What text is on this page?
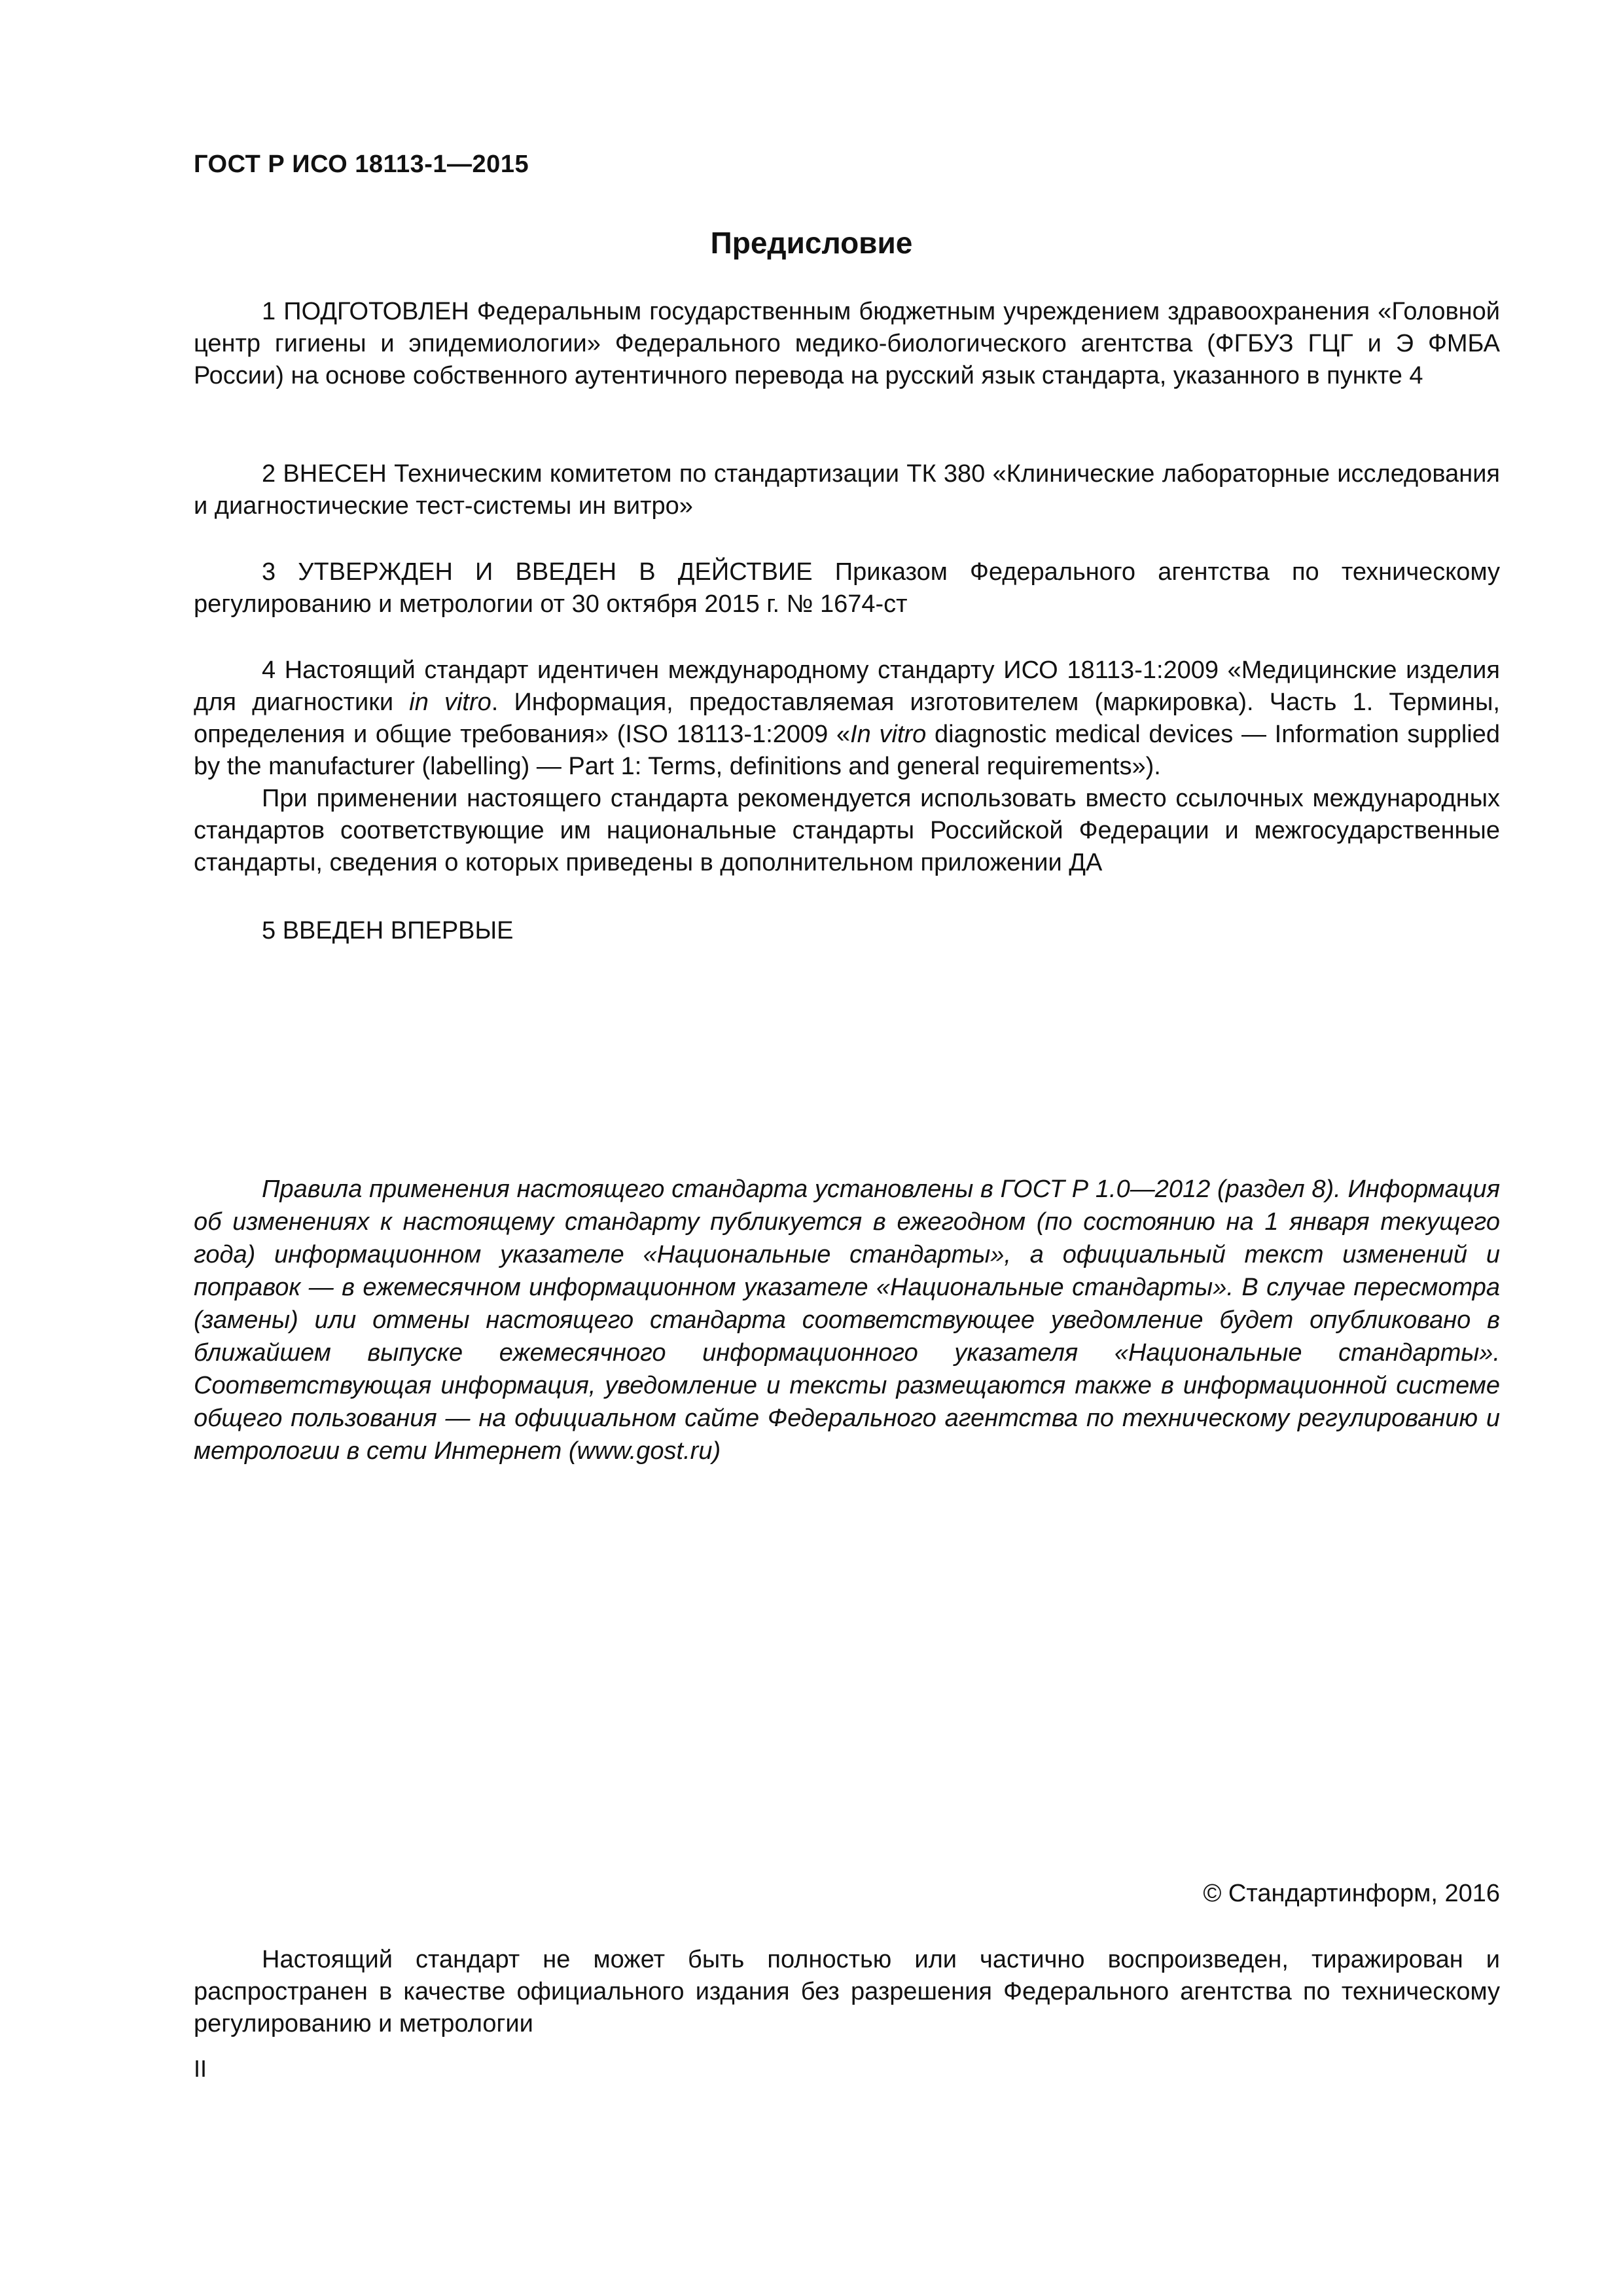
ГОСТ Р ИСО 18113-1—2015
Предисловие

1 ПОДГОТОВЛЕН Федеральным государственным бюджетным учреждением здравоохранения «Головной центр гигиены и эпидемиологии» Федерального медико-биологического агентства (ФГБУЗ ГЦГ и Э ФМБА России) на основе собственного аутентичного перевода на русский язык стандарта, указанного в пункте 4

2 ВНЕСЕН Техническим комитетом по стандартизации ТК 380 «Клинические лабораторные исследования и диагностические тест-системы ин витро»

3 УТВЕРЖДЕН И ВВЕДЕН В ДЕЙСТВИЕ Приказом Федерального агентства по техническому регулированию и метрологии от 30 октября 2015 г. № 1674-ст

4 Настоящий стандарт идентичен международному стандарту ИСО 18113-1:2009 «Медицинские изделия для диагностики in vitro. Информация, предоставляемая изготовителем (маркировка). Часть 1. Термины, определения и общие требования» (ISO 18113-1:2009 «In vitro diagnostic medical devices — Information supplied by the manufacturer (labelling) — Part 1: Terms, definitions and general requirements»).

При применении настоящего стандарта рекомендуется использовать вместо ссылочных международных стандартов соответствующие им национальные стандарты Российской Федерации и межгосударственные стандарты, сведения о которых приведены в дополнительном приложении ДА

5 ВВЕДЕН ВПЕРВЫЕ

Правила применения настоящего стандарта установлены в ГОСТ Р 1.0—2012 (раздел 8). Информация об изменениях к настоящему стандарту публикуется в ежегодном (по состоянию на 1 января текущего года) информационном указателе «Национальные стандарты», а официальный текст изменений и поправок — в ежемесячном информационном указателе «Национальные стандарты». В случае пересмотра (замены) или отмены настоящего стандарта соответствующее уведомление будет опубликовано в ближайшем выпуске ежемесячного информационного указателя «Национальные стандарты». Соответствующая информация, уведомление и тексты размещаются также в информационной системе общего пользования — на официальном сайте Федерального агентства по техническому регулированию и метрологии в сети Интернет (www.gost.ru)

© Стандартинформ, 2016

Настоящий стандарт не может быть полностью или частично воспроизведен, тиражирован и распространен в качестве официального издания без разрешения Федерального агентства по техническому регулированию и метрологии

II
